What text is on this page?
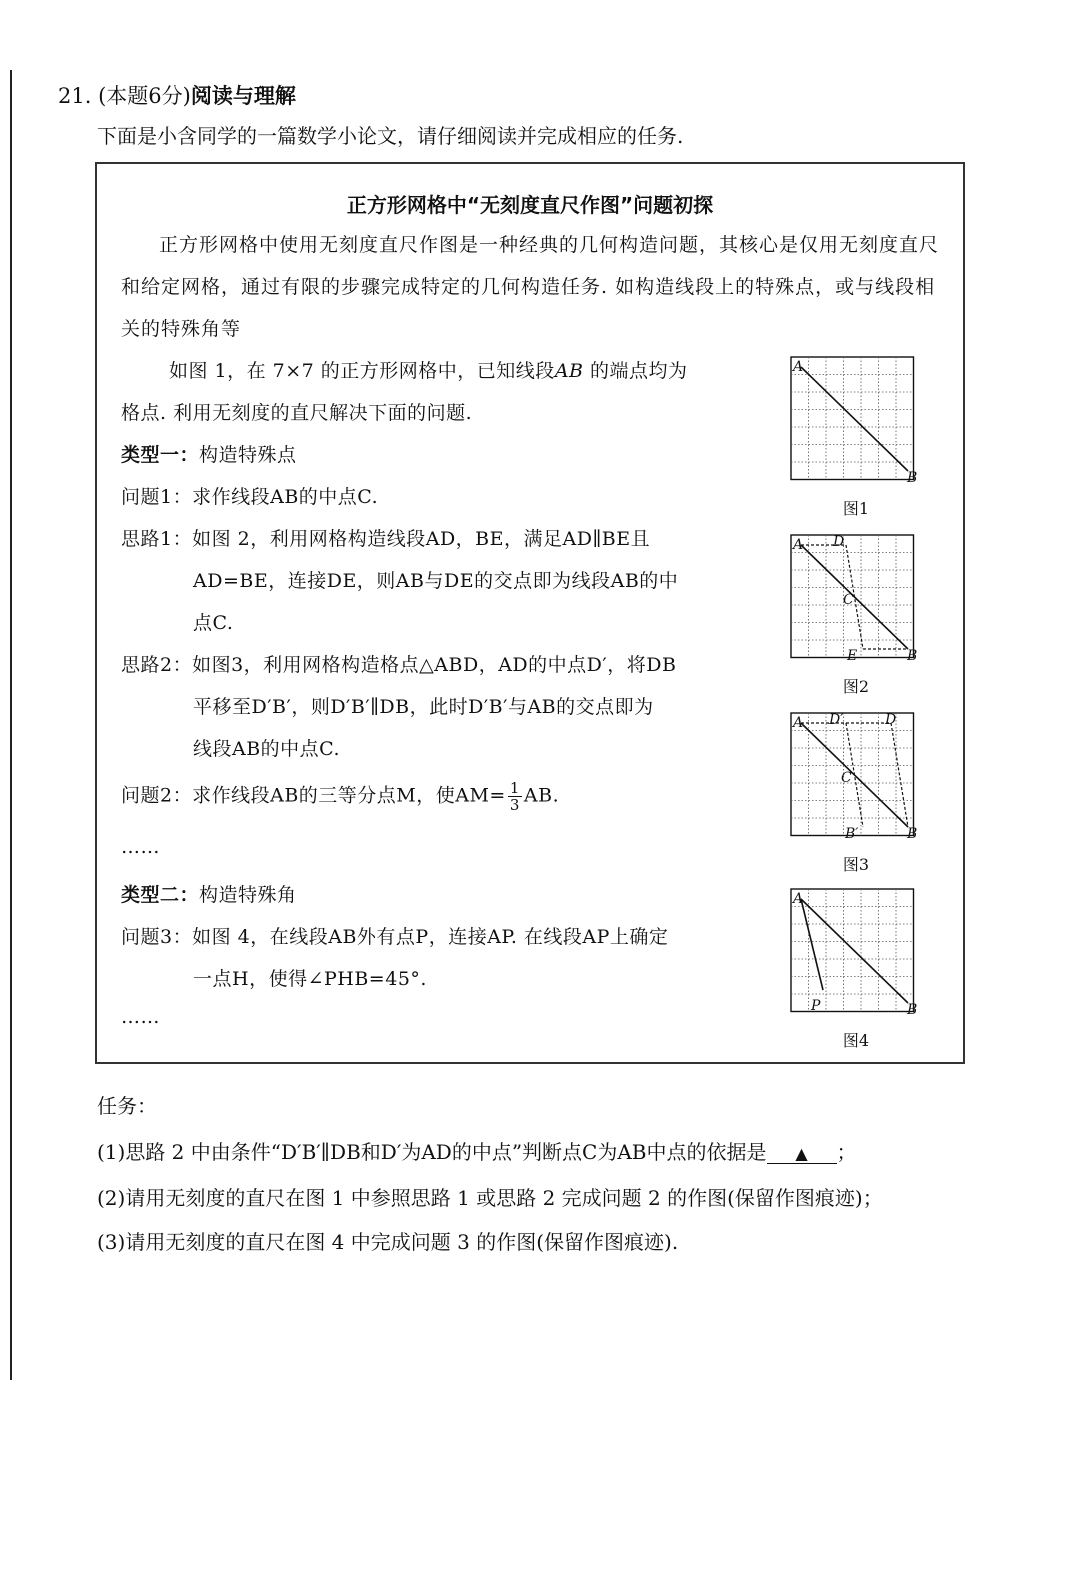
21. (本题6分)阅读与理解
下面是小含同学的一篇数学小论文，请仔细阅读并完成相应的任务.
正方形网格中“无刻度直尺作图”问题初探
正方形网格中使用无刻度直尺作图是一种经典的几何构造问题，其核心是仅用无刻度直尺和给定网格，通过有限的步骤完成特定的几何构造任务. 如构造线段上的特殊点，或与线段相关的特殊角等
如图 1，在 7×7 的正方形网格中，已知线段AB 的端点均为
格点. 利用无刻度的直尺解决下面的问题.
类型一：构造特殊点
问题1：求作线段AB的中点C.
思路1：如图 2，利用网格构造线段AD，BE，满足AD∥BE且
AD=BE，连接DE，则AB与DE的交点即为线段AB的中
点C.
思路2：如图3，利用网格构造格点△ABD，AD的中点D′，将DB
平移至D′B′，则D′B′∥DB，此时D′B′与AB的交点即为
线段AB的中点C.
问题2：求作线段AB的三等分点M，使$AM= \frac{1}{3}$ AB.
……
类型二：构造特殊角
问题3：如图 4，在线段AB外有点P，连接AP. 在线段AP上确定
一点H，使得∠PHB=45°.
……
A
B
图1
A D
C
E	B
图2
A D′	D
C
B′	B
图3
A
P	B
图4
任务：
(1)思路 2 中由条件“D′B′∥DB和D′为AD的中点”判断点C为AB中点的依据是 ▲ ；
(2)请用无刻度的直尺在图 1 中参照思路 1 或思路 2 完成问题 2 的作图(保留作图痕迹)；
(3)请用无刻度的直尺在图 4 中完成问题 3 的作图(保留作图痕迹).
